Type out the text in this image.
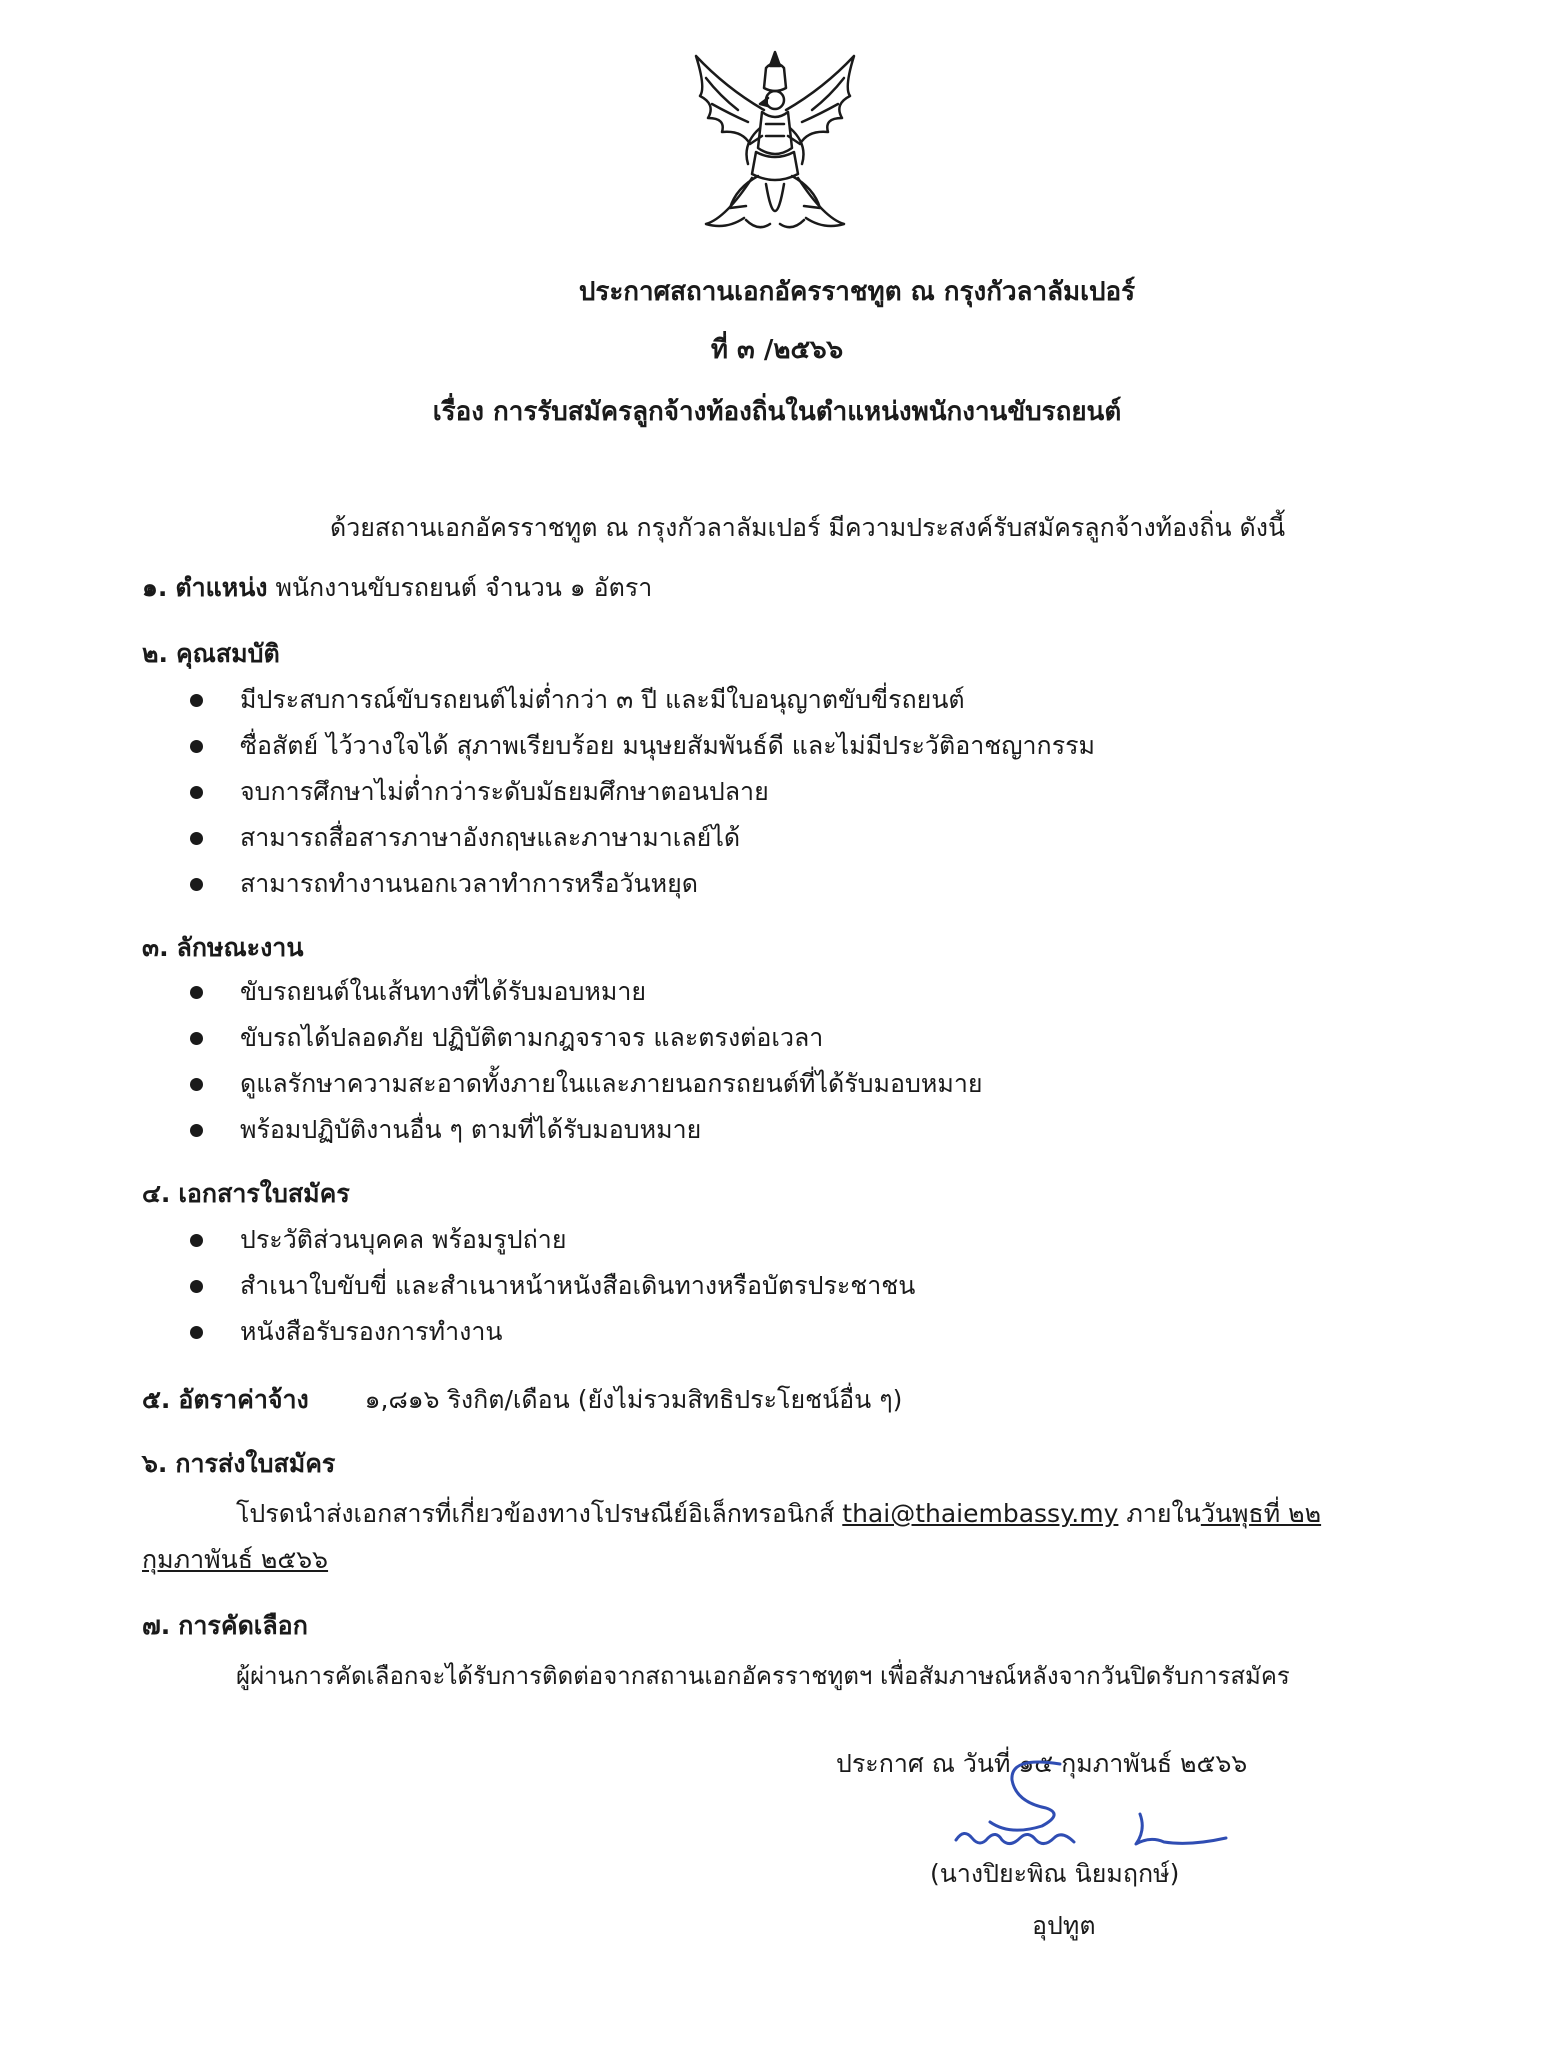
ประกาศสถานเอกอัครราชทูต ณ กรุงกัวลาลัมเปอร์
ที่ ๓ /๒๕๖๖
เรื่อง การรับสมัครลูกจ้างท้องถิ่นในตำแหน่งพนักงานขับรถยนต์
ด้วยสถานเอกอัครราชทูต ณ กรุงกัวลาลัมเปอร์ มีความประสงค์รับสมัครลูกจ้างท้องถิ่น ดังนี้
๑. ตำแหน่ง พนักงานขับรถยนต์ จำนวน ๑ อัตรา
๒. คุณสมบัติ
มีประสบการณ์ขับรถยนต์ไม่ต่ำกว่า ๓ ปี และมีใบอนุญาตขับขี่รถยนต์
ซื่อสัตย์ ไว้วางใจได้ สุภาพเรียบร้อย มนุษยสัมพันธ์ดี และไม่มีประวัติอาชญากรรม
จบการศึกษาไม่ต่ำกว่าระดับมัธยมศึกษาตอนปลาย
สามารถสื่อสารภาษาอังกฤษและภาษามาเลย์ได้
สามารถทำงานนอกเวลาทำการหรือวันหยุด
๓. ลักษณะงาน
ขับรถยนต์ในเส้นทางที่ได้รับมอบหมาย
ขับรถได้ปลอดภัย ปฏิบัติตามกฎจราจร และตรงต่อเวลา
ดูแลรักษาความสะอาดทั้งภายในและภายนอกรถยนต์ที่ได้รับมอบหมาย
พร้อมปฏิบัติงานอื่น ๆ ตามที่ได้รับมอบหมาย
๔. เอกสารใบสมัคร
ประวัติส่วนบุคคล พร้อมรูปถ่าย
สำเนาใบขับขี่ และสำเนาหน้าหนังสือเดินทางหรือบัตรประชาชน
หนังสือรับรองการทำงาน
๕. อัตราค่าจ้าง ๑,๘๑๖ ริงกิต/เดือน (ยังไม่รวมสิทธิประโยชน์อื่น ๆ)
๖. การส่งใบสมัคร
โปรดนำส่งเอกสารที่เกี่ยวข้องทางโปรษณีย์อิเล็กทรอนิกส์ thai@thaiembassy.my ภายในวันพุธที่ ๒๒
กุมภาพันธ์ ๒๕๖๖
๗. การคัดเลือก
ผู้ผ่านการคัดเลือกจะได้รับการติดต่อจากสถานเอกอัครราชทูตฯ เพื่อสัมภาษณ์หลังจากวันปิดรับการสมัคร
ประกาศ ณ วันที่ ๑๕ กุมภาพันธ์ ๒๕๖๖
(นางปิยะพิณ นิยมฤกษ์)
อุปทูต
